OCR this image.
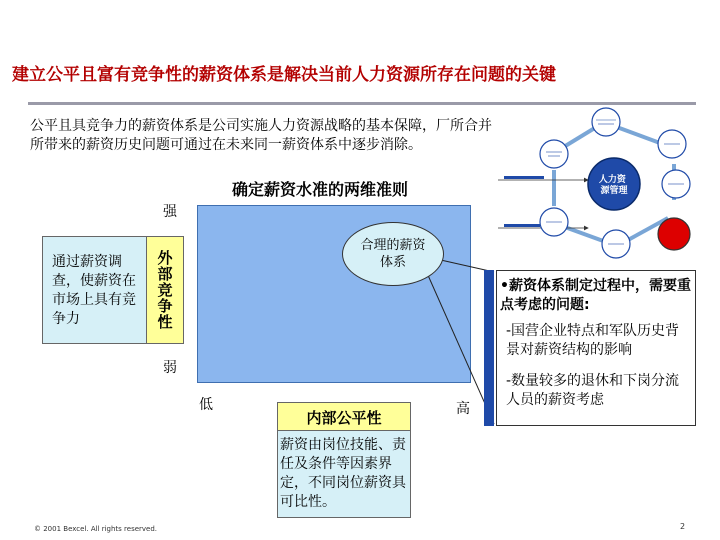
建立公平且富有竞争性的薪资体系是解决当前人力资源所存在问题的关键
公平且具竞争力的薪资体系是公司实施人力资源战略的基本保障，厂所合并所带来的薪资历史问题可通过在未来同一薪资体系中逐步消除。
人力资 源管理
确定薪资水准的两维准则
强
弱
低	高
通过薪资调查，使薪资在市场上具有竞争力	外部竞争性
内部公平性
薪资由岗位技能、责任及条件等因素界定，不同岗位薪资具可比性。
合理的薪资体系
•薪资体系制定过程中，需要重点考虑的问题:
-国营企业特点和军队历史背景对薪资结构的影响
-数量较多的退休和下岗分流人员的薪资考虑
© 2001 Bexcel. All rights reserved.	2
